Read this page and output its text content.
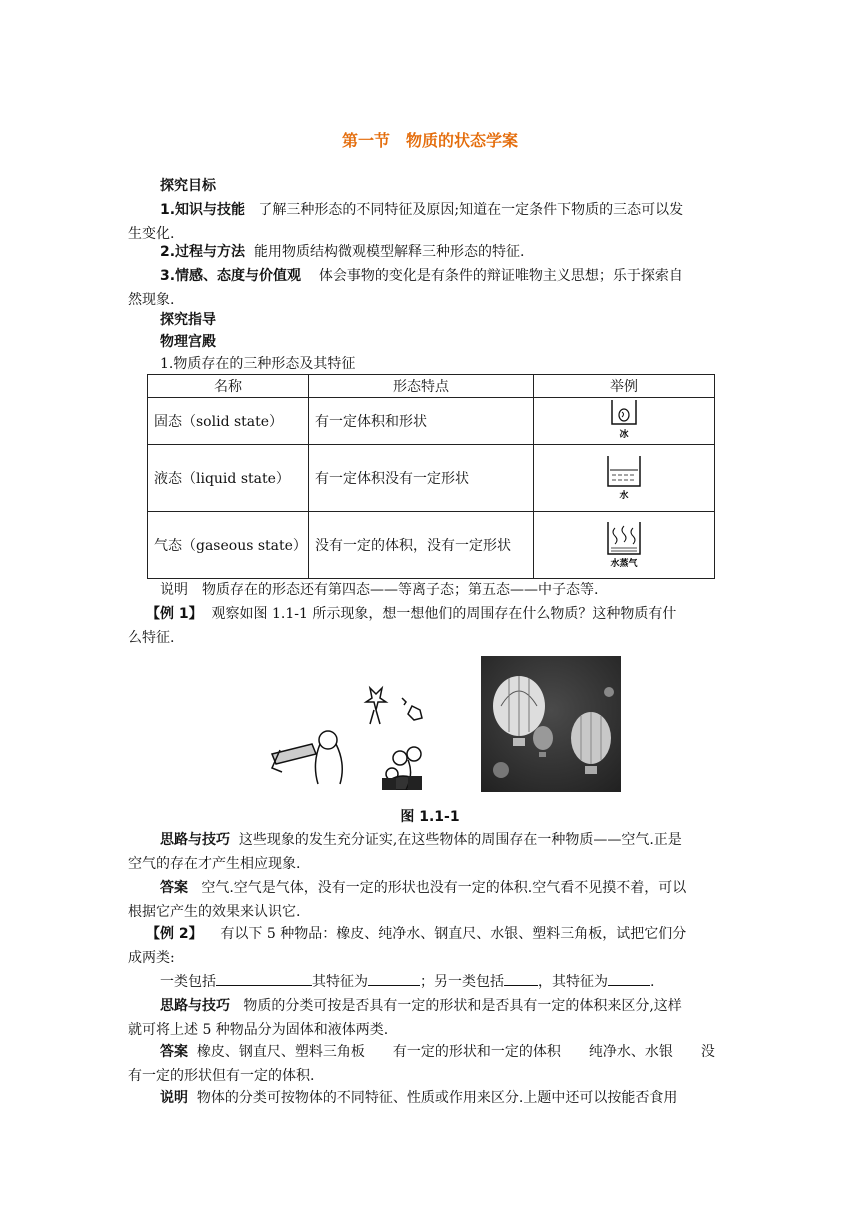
第一节　物质的状态学案
探究目标
1.知识与技能 了解三种形态的不同特征及原因;知道在一定条件下物质的三态可以发
生变化.
2.过程与方法 能用物质结构微观模型解释三种形态的特征.
3.情感、态度与价值观 体会事物的变化是有条件的辩证唯物主义思想；乐于探索自
然现象.
探究指导
物理宫殿
1.物质存在的三种形态及其特征
名称	形态特点	举例
固态（solid state）	有一定体积和形状	冰

液态（liquid state）	有一定体积没有一定形状	水

气态（gaseous state）	没有一定的体积，没有一定形状	水蒸气
说明　物质存在的形态还有第四态——等离子态；第五态——中子态等.
【例 1】 观察如图 1.1-1 所示现象，想一想他们的周围存在什么物质？这种物质有什
么特征.
图 1.1-1
思路与技巧 这些现象的发生充分证实,在这些物体的周围存在一种物质——空气.正是
空气的存在才产生相应现象.
答案 空气.空气是气体，没有一定的形状也没有一定的体积.空气看不见摸不着，可以
根据它产生的效果来认识它.
【例 2】 有以下 5 种物品：橡皮、纯净水、钢直尺、水银、塑料三角板，试把它们分
成两类:
一类包括	其特征为	；另一类包括 ，其特征为	.
思路与技巧 物质的分类可按是否具有一定的形状和是否具有一定的体积来区分,这样
就可将上述 5 种物品分为固体和液体两类.
答案 橡皮、钢直尺、塑料三角板　　有一定的形状和一定的体积　　纯净水、水银　　没
有一定的形状但有一定的体积.
说明 物体的分类可按物体的不同特征、性质或作用来区分.上题中还可以按能否食用
